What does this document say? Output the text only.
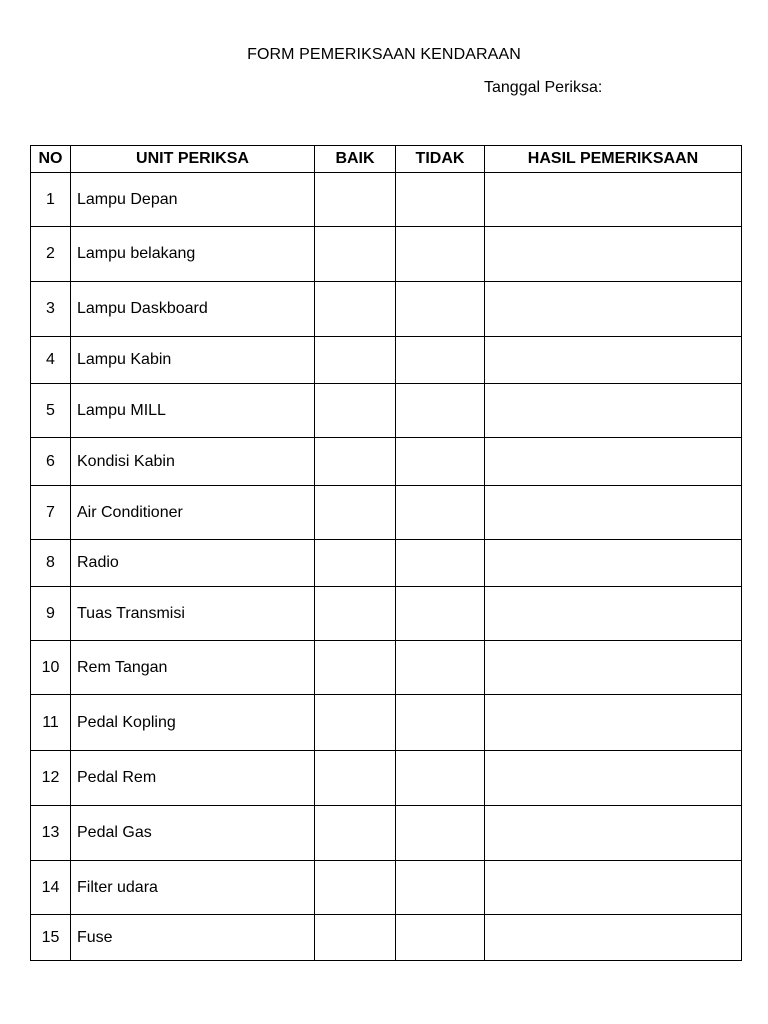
FORM PEMERIKSAAN KENDARAAN
Tanggal Periksa:
NO	UNIT PERIKSA	BAIK	TIDAK	HASIL PEMERIKSAAN
1	Lampu Depan			
2	Lampu belakang			
3	Lampu Daskboard			
4	Lampu Kabin			
5	Lampu MILL			
6	Kondisi Kabin			
7	Air Conditioner			
8	Radio			
9	Tuas Transmisi			
10	Rem Tangan			
11	Pedal Kopling			
12	Pedal Rem			
13	Pedal Gas			
14	Filter udara			
15	Fuse			
